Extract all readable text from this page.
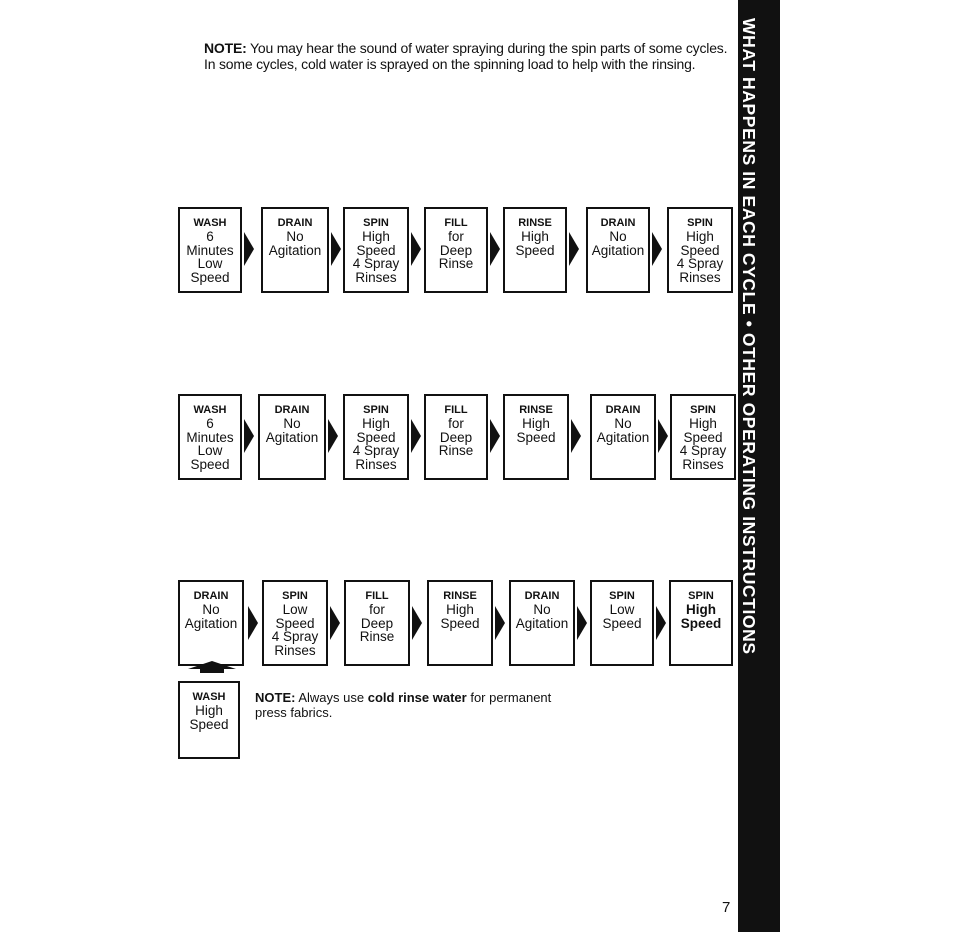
NOTE: You may hear the sound of water spraying during the spin parts of some cycles. In some cycles, cold water is sprayed on the spinning load to help with the rinsing.
WASH
6
Minutes
Low
Speed
DRAIN
No
Agitation
SPIN
High
Speed
4 Spray
Rinses
FILL
for
Deep
Rinse
RINSE
High
Speed
DRAIN
No
Agitation
SPIN
High
Speed
4 Spray
Rinses
WASH
6
Minutes
Low
Speed
DRAIN
No
Agitation
SPIN
High
Speed
4 Spray
Rinses
FILL
for
Deep
Rinse
RINSE
High
Speed
DRAIN
No
Agitation
SPIN
High
Speed
4 Spray
Rinses
DRAIN
No
Agitation
SPIN
Low
Speed
4 Spray
Rinses
FILL
for
Deep
Rinse
RINSE
High
Speed
DRAIN
No
Agitation
SPIN
Low
Speed
SPIN
High
Speed
WASH
High
Speed
NOTE: Always use cold rinse water for permanent press fabrics.
WHAT HAPPENS IN EACH CYCLE • OTHER OPERATING INSTRUCTIONS
7
